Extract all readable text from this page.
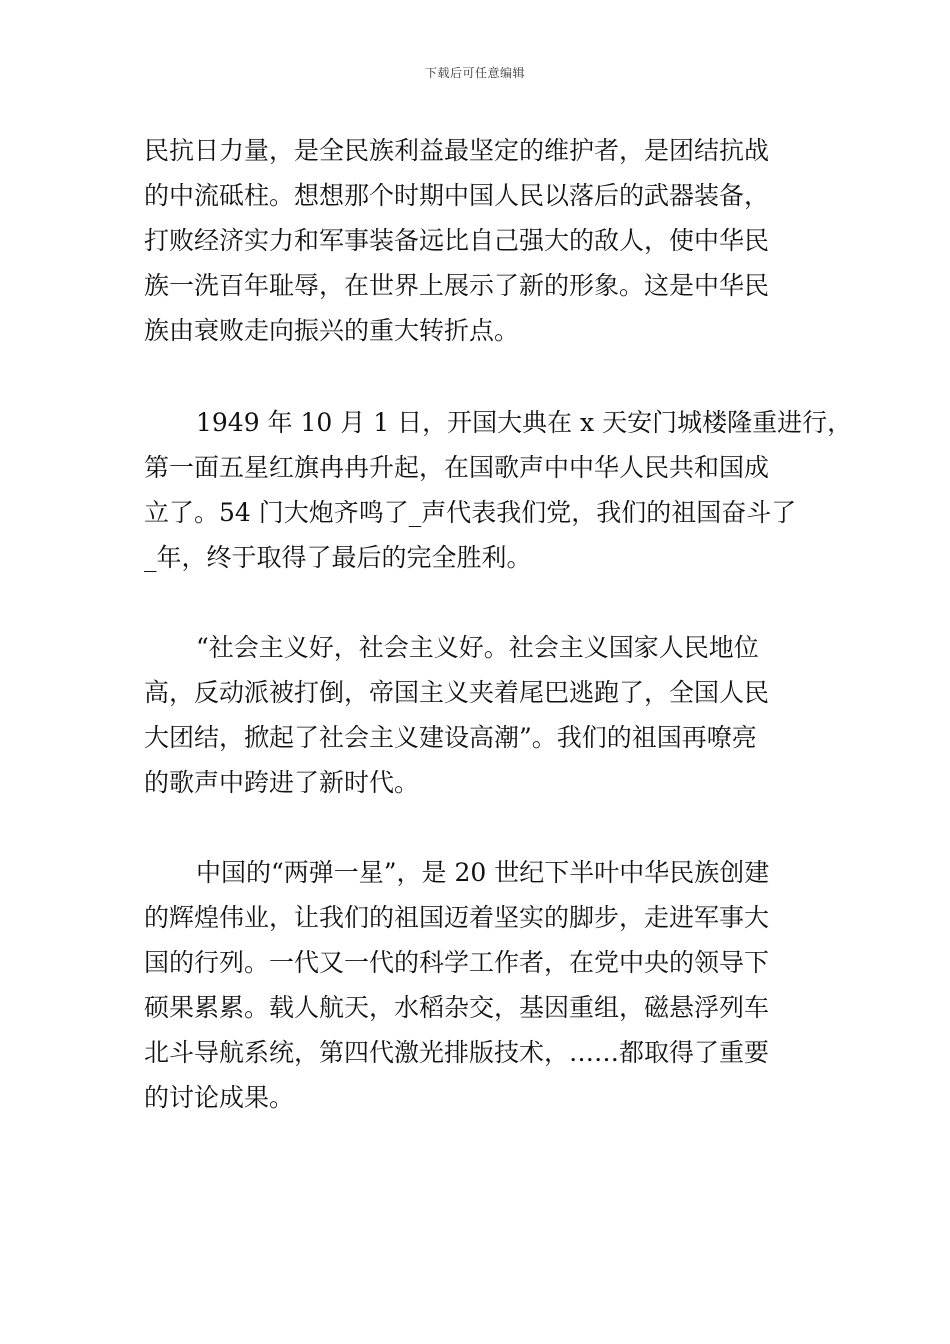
下载后可任意编辑
民抗日力量，是全民族利益最坚定的维护者，是团结抗战
的中流砥柱。想想那个时期中国人民以落后的武器装备，
打败经济实力和军事装备远比自己强大的敌人，使中华民
族一洗百年耻辱，在世界上展示了新的形象。这是中华民
族由衰败走向振兴的重大转折点。
1949 年 10 月 1 日，开国大典在 x 天安门城楼隆重进行，
第一面五星红旗冉冉升起，在国歌声中中华人民共和国成
立了。54 门大炮齐鸣了_声代表我们党，我们的祖国奋斗了
_年，终于取得了最后的完全胜利。
“社会主义好，社会主义好。社会主义国家人民地位
高，反动派被打倒，帝国主义夹着尾巴逃跑了，全国人民
大团结，掀起了社会主义建设高潮”。我们的祖国再嘹亮
的歌声中跨进了新时代。
中国的“两弹一星”，是 20 世纪下半叶中华民族创建
的辉煌伟业，让我们的祖国迈着坚实的脚步，走进军事大
国的行列。一代又一代的科学工作者，在党中央的领导下
硕果累累。载人航天，水稻杂交，基因重组，磁悬浮列车
北斗导航系统，第四代激光排版技术，……都取得了重要
的讨论成果。
